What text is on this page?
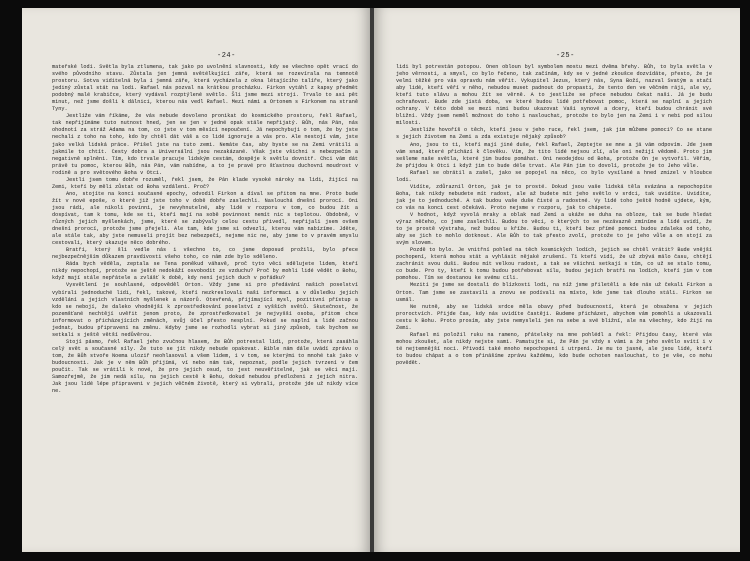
-24-

mateřské lodi. Světla byla ztlumena, tak jako po uvolnění slavnosti, kdy se všechno opět vrací do svého původního stavu. Zůstala jen jemná světélkující záře, která se rozevírala na temnotě prostoru. Sotva viditelná byla i jemná záře, která vycházela z okna létajícího talíře, který jako jediný zůstal stát na lodi. Rafael nás pozval na krátkou procházku. Firkon vytáhl z kapsy předmět podobný malé krabičce, který vydával rozptýlené světlo. Šli jsme mezi stroji. Trvalo to asi pět minut, než jsme došli k dálnici, kterou nás vedl Rafael. Mezi námi a Ortonem s Firkonem na straně Tyny.

Jestliže vám říkáme, že vás nebude dovoleno pronikat do kosmického prostoru, řekl Rafael, tak nepřijímáme tuto nutnost hned, jen se jen v jedné opak stále nepřijatý. Bůh, nás Pán, nás ohodnotí za stráž Adama na tom, co jste v tom měsíci nepoučení. Já nepochybuji o tom, že by jste nechali z toho na toho, kdo by chtěl dát váš a co lidé ignoruje a vás pro. Ale nestojí vám, jste jako velká lidská práce. Přišel jste na tuto zemi. Nemáte čas, aby byste se na Zemi vrátili a jakmile to chtít. Cesty dobra a Universální jsou nezakázané. Však jste všichni s nebezpečím a negativně splněni. Tím, kdo trvale pracuje lidským cestám, dospěje k světlu dovnitř. Chci vám dát právě tu pomoc, kterou Bůh, nás Pán, vám nabídne, a to je pravé pro šťastnou duchovní moudrost v rodině a pro světového Boha v Otci.

Jestli jsem tomu dobře rozuměl, řekl jsem, že Pán klade vysoké nároky na lidi, žijící na Zemi, kteří by měli zůstat od Boha vzdáleni. Proč?

Ano, stojíte na konci současné epochy, odvodil Firkon a díval se přitom na mne. Proto bude žít v nové epoše, o které již jste toho v době dobře zaslechli. Naslouchá dnešní prorocí. Oni jsou rádi, ale nikoli povinni, je nevyhnutelné, aby lidé v rozporu v tom, co budou žít a dospívat, tam k tomu, kde se ti, kteří mají na sobě povinnost nemít nic s teplotou. Obdobně, v různých jejich myšlenkách, jsme, které se zabývaly celou cestu přivedl, nepřijali jsem ovšem dnešní prorocí, protože jsme přejeli. Ale tam, kde jsme si odvezli, kterou vám nabízíme. Jděte, ale stále tak, aby jste nemuseli projít bez nebezpečí, nejsme nic ne, aby jsme to v pravém smyslu cestovali, který ukazuje něco dobrého.

Bratři, který šli vedle nás i všechno to, co jsme doposud prožili, bylo přece nejbezpečnějším důkazem pravdivosti všeho toho, co nám zde bylo sděleno.

Ráda bych věděla, zeptala se Tena poněkud váhavě, proč tyto věci sdělujete lidem, kteří nikdy nepochopí, protože se ještě nedokáží osvobodit ze vzduchu? Proč by mohli lidé vědět o Bohu, když mají stále nepřátele a zvlášť k době, kdy není jejich duch v pořádku?

Vysvětlení je souhlasné, odpověděl Orton. Vždy jsme si pro předávání našich poselství vybírali jednoduché lidi, řekl, takové, kteří nezkreslovali naši informaci a v důsledku jejich vzdělání a jejich vlastních myšlenek a názorů. Otevřená, přijímající mysl, pozitivní přístup a kdo se nebojí, že daleko vhodnější k zprostředkování poselství z vyšších světů. Skutečnost, že pozemšťané nechtějí uvěřit jenom proto, že zprostředkovatel je nejvyšší osoba, přitom chce informovat o přicházejících změnách, svůj účel přesto nesplní. Pokud se naplní a lidé začnou jednat, budou připraveni na změnu. Kdyby jsme se rozhodli vybrat si jiný způsob, tak bychom se setkali s ještě větší nedůvěrou.

Stojí pásmo, řekl Rafael jeho zvučnou hlasem, že Bůh potrestal lidi, protože, která zasáhla celý svět a současné síly. Že tuto se jít nikdy nebude opakovat. Bible nám dále uvádí zprávu o tom, že Bůh stvoře Noema uloziř neohlasoval a všem lidem, i v tom, se kterými to mnohé tak jako v budoucnosti. Jak je v něm Bůh přijímá, ví nebo nám tak, nepoznat, podle jejich tvrzení v čem poučit. Tak se vrátili k nové, že pro jejich osud, to jest neuvěřitelné, jak se věci mají. Samozřejmě, že jim nedá sílu, na jejich cestě k Bohu, dokud nebudou předloženi z jejich nitra. Jak jsou lidé lépe připraveni v jejich věčném životě, který si vybrali, protože jde už nikdy více ne.

-25-

lidi byl potrestán potopou. Onen obloun byl symbolem mostu mezi dvěma břehy. Bůh, to byla světla v jeho věrnosti, a smysl, co bylo řečeno, tak začínám, kdy se v jedné zkoušce dozvídáte, přesto, že je velmi těžké pro vás opravdu nám věřit. Vykupitel Jezus, který nás, Syna Boží, nazval Svatým a stačí aby lidé, kteří věří v něho, nebudou muset padnout do propasti, že tento den ve věčném ráji, ale vy, kteří tuto slávu a mohou žít se věrně. A to jestliže se přece nebudou čekat naši. Já je budu ochraňovat. Bude zde jistá doba, ve které budou lidé potřebovat pomoc, která se naplní a jejich ochrany. V této době se mezi nimi budou ukazovat Vaši synové a dcery, kteří budou chránit své bližní. Vždy jsem neměl možnost do toho i naslouchat, protože to bylo jen na Zemi i v nebi pod silou milosti.

Jestliže hovoříš o těch, kteří jsou v jeho ruce, řekl jsem, jak jim můžeme pomoci? Co se stane s jejich životem na Zemi a zda existuje nějaký způsob?

Ano, jsou to ti, kteří mají jiné duše, řekl Rafael, Zeptejte se mne a já vám odpovím. Jde jsem vám snad, které přichází k člověku. Vím, že tito lidé nejsou zlí, ale oni nežijí vědomě. Proto jim sešleme naše světla, které jim budou pomáhat. Oni neodejdou od Boha, protože On je vytvořil. Věřím, že přijdou k Otci i když jim to bude déle trvat. Ale Pán jim to dovolí, protože je to Jeho vůle.

Rafael se obrátil a zašel, jako se popojel na něco, co bylo vysílané a hned zmizel v hloubce lodi.

Vidíte, zdůraznil Orton, jak je to prosté. Dokud jsou vaše lidská těla svázána a nepochopíte Boha, tak nikdy nebudete mít radost, ale až budete mít jeho světlo v srdci, tak uvidíte. Uvidíte, jak je to jednoduché. A tak budou vaše duše čisté a radostné. Vy lidé toho ještě hodně ujdete, kým, co vás na konci cest očekává. Proto nejsme v rozporu, jak to chápete.

V hodnot, když vyvolá mraky a oblak nad Zemí a ukáže se duha na obloze, tak se bude hledat výraz něčeho, co jsme zaslechli. Budou to věci, o kterých to se nezávazně zmíníme a lidé uvidí, že to je prostě výstraha, než budou u kříže. Budou ti, kteří bez přímé pomoci budou zdaleka od toho, aby se jich to mohlo dotknout. Ale Bůh to tak přesto zvolí, protože to je jeho vůle a on stojí za svým slovem.

Pozdě to bylo. Je vnitřní pohled na těch kosmických lodích, jejich se chtěl vrátit? Bude vnější pochopení, která mohou stát a vyhlásit nějaké zrušení. Ti kteří vidí, že už zbývá málo času, chtějí zachránit svou duši. Budou mít velkou radost, a tak se všichni setkají s tím, co už se stalo tomu, co bude. Pro ty, kteří k tomu budou potřebovat sílu, budou jejich bratři na lodích, kteří jim v tom pomohou. Tím se dostanou ke svému cíli.

Meziti je jsme se dostali do blízkosti lodi, na níž jsme přiletěli a kde nás už čekali Firkon a Orton. Tam jsme se zastavili a znovu se podívali na místo, kde jsme tak dlouho stáli. Firkon se usmál.

Ne nutně, aby se lidská srdce měla obavy před budoucností, která je obsažena v jejich proroctvích. Přijde čas, kdy nás uvidíte častěji. Budeme přicházet, abychom vám pomohli a ukazovali cestu k Bohu. Proto prosím, aby jste nemysleli jen na sebe a své bližní, ale na všechny, kdo žijí na Zemi.

Rafael mi položil ruku na rameno, přátelsky na mne pohlédl a řekl: Přijdou časy, které vás mohou zkoušet, ale nikdy nejste sami. Pamatujte si, že Pán je vždy s vámi a že jeho světlo svítí i v té nejtemnější noci. Přivodí také mnoho nepochopení i utrpení. Je mu to jasné, ale jsou lidé, kteří to budou chápat a o tom přinášíme zprávu každému, kdo bude ochoten naslouchat, to je vše, co mohu povědět.
